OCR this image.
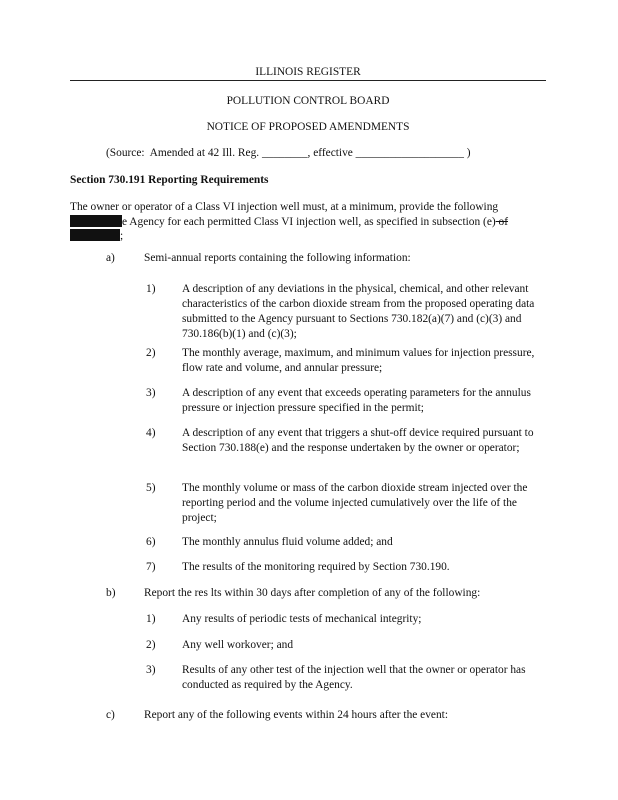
ILLINOIS REGISTER
POLLUTION CONTROL BOARD
NOTICE OF PROPOSED AMENDMENTS
(Source:  Amended at 42 Ill. Reg. ________, effective ___________________ )
Section 730.191 Reporting Requirements
The owner or operator of a Class VI injection well must, at a minimum, provide the following e Agency for each permitted Class VI injection well, as specified in subsection (e) of
;
a)	Semi-annual reports containing the following information:
1) A description of any deviations in the physical, chemical, and other relevant characteristics of the carbon dioxide stream from the proposed operating data submitted to the Agency pursuant to Sections 730.182(a)(7) and (c)(3) and 730.186(b)(1) and (c)(3);
2) The monthly average, maximum, and minimum values for injection pressure, flow rate and volume, and annular pressure;
3) A description of any event that exceeds operating parameters for the annulus pressure or injection pressure specified in the permit;
4) A description of any event that triggers a shut-off device required pursuant to Section 730.188(e) and the response undertaken by the owner or operator;
5) The monthly volume or mass of the carbon dioxide stream injected over the reporting period and the volume injected cumulatively over the life of the project;
6) The monthly annulus fluid volume added; and
7) The results of the monitoring required by Section 730.190.
b)	Report the res lts within 30 days after completion of any of the following:
1) Any results of periodic tests of mechanical integrity;
2) Any well workover; and
3) Results of any other test of the injection well that the owner or operator has conducted as required by the Agency.
c)	Report any of the following events within 24 hours after the event:
